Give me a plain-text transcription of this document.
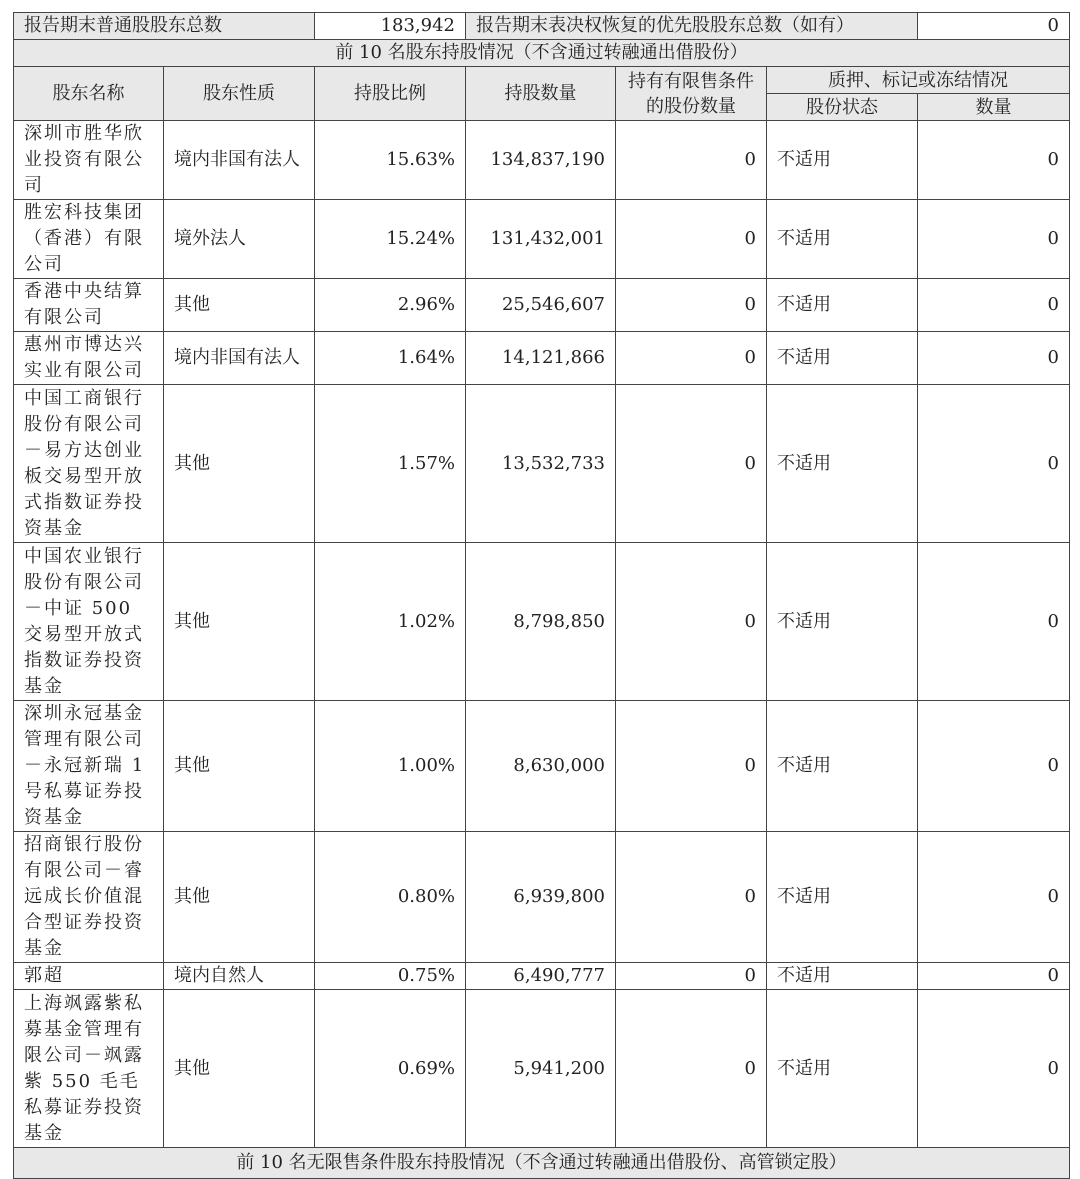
报告期末普通股股东总数		183,942	报告期末表决权恢复的优先股股东总数（如有）			0
前 10 名股东持股情况（不含通过转融通出借股份）						
股东名称	股东性质	持股比例	持股数量	持有有限售条件的股份数量	质押、标记或冻结情况	
					股份状态	数量
深圳市胜华欣业投资有限公司	境内非国有法人	15.63%	134,837,190	0	不适用	0
胜宏科技集团（香港）有限公司	境外法人	15.24%	131,432,001	0	不适用	0
香港中央结算有限公司	其他	2.96%	25,546,607	0	不适用	0
惠州市博达兴实业有限公司	境内非国有法人	1.64%	14,121,866	0	不适用	0
中国工商银行股份有限公司－易方达创业板交易型开放式指数证券投资基金	其他	1.57%	13,532,733	0	不适用	0
中国农业银行股份有限公司－中证 500 交易型开放式指数证券投资基金	其他	1.02%	8,798,850	0	不适用	0
深圳永冠基金管理有限公司－永冠新瑞 1 号私募证券投资基金	其他	1.00%	8,630,000	0	不适用	0
招商银行股份有限公司－睿远成长价值混合型证券投资基金	其他	0.80%	6,939,800	0	不适用	0
郭超	境内自然人	0.75%	6,490,777	0	不适用	0
上海飒露紫私募基金管理有限公司－飒露紫 550 毛毛私募证券投资基金	其他	0.69%	5,941,200	0	不适用	0
前 10 名无限售条件股东持股情况（不含通过转融通出借股份、高管锁定股）						
